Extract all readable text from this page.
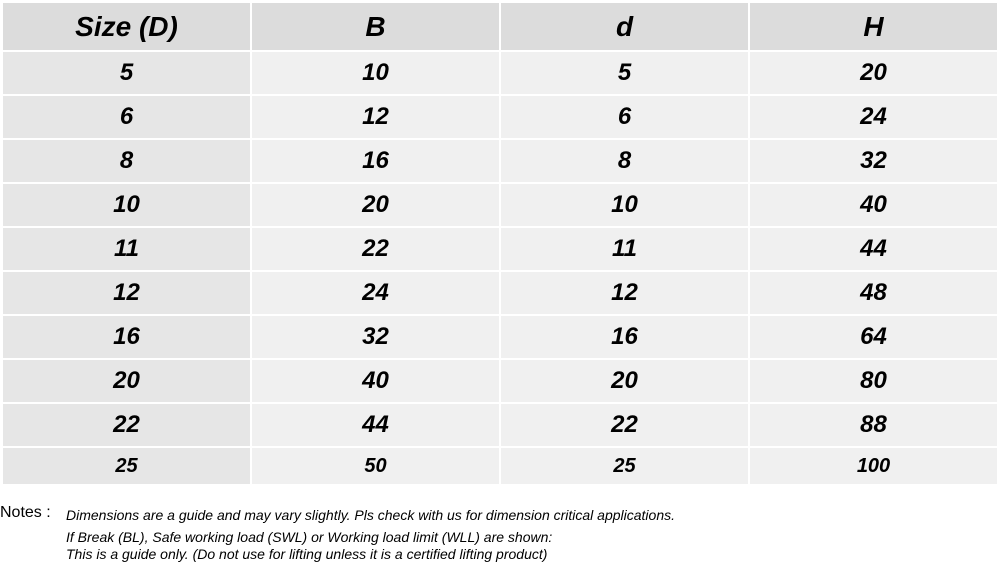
Size (D)	B	d	H
5	10	5	20
6	12	6	24
8	16	8	32
10	20	10	40
11	22	11	44
12	24	12	48
16	32	16	64
20	40	20	80
22	44	22	88
25	50	25	100
Notes : Dimensions are a guide and may vary slightly. Pls check with us for dimension critical applications.
If Break (BL), Safe working load (SWL) or Working load limit (WLL) are shown:
This is a guide only. (Do not use for lifting unless it is a certified lifting product)
